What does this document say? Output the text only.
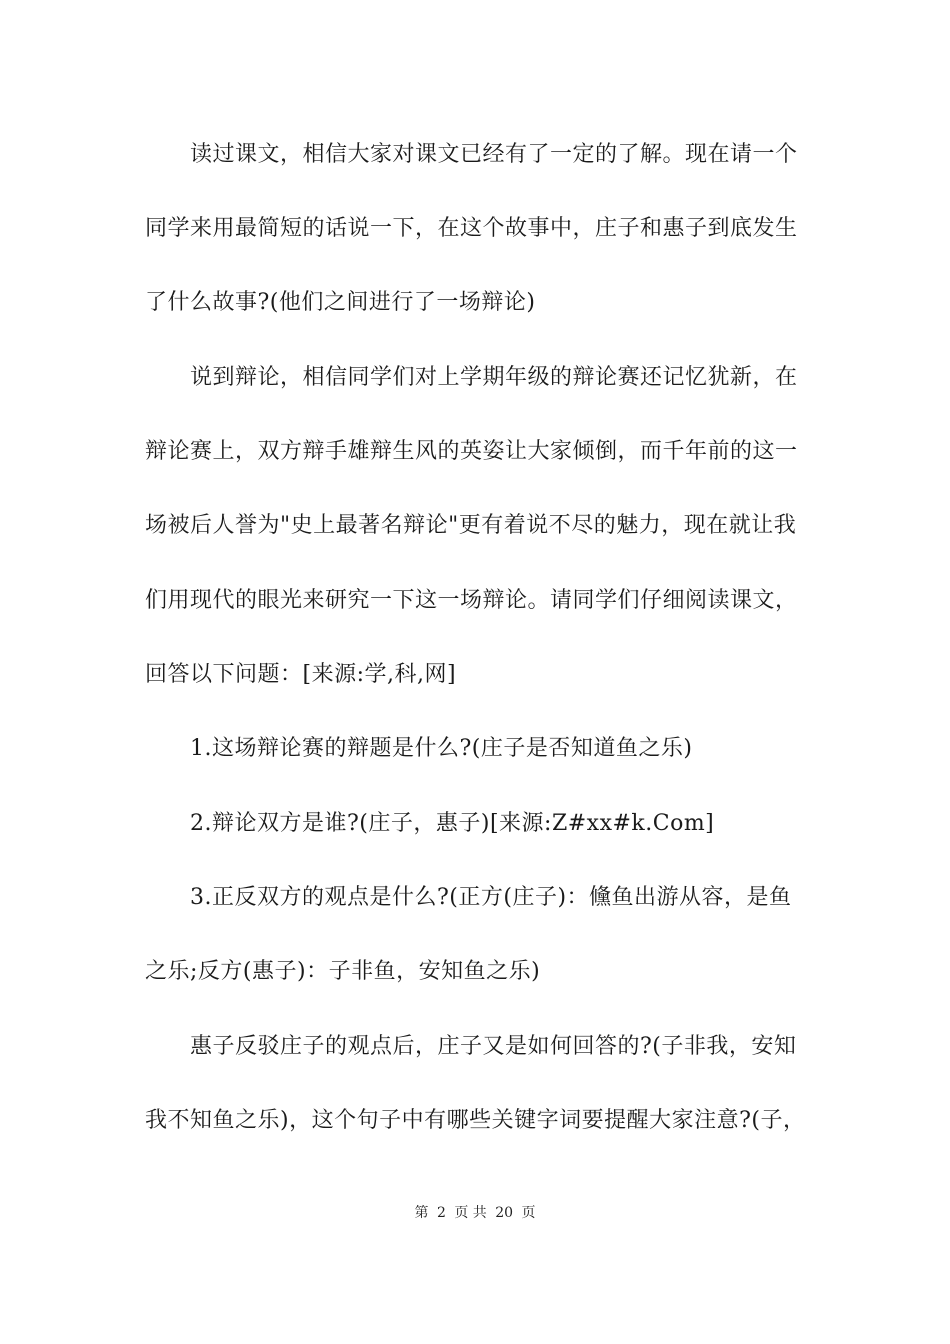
读过课文，相信大家对课文已经有了一定的了解。现在请一个
同学来用最简短的话说一下，在这个故事中，庄子和惠子到底发生
了什么故事?(他们之间进行了一场辩论)
说到辩论，相信同学们对上学期年级的辩论赛还记忆犹新，在
辩论赛上，双方辩手雄辩生风的英姿让大家倾倒，而千年前的这一
场被后人誉为"史上最著名辩论"更有着说不尽的魅力，现在就让我
们用现代的眼光来研究一下这一场辩论。请同学们仔细阅读课文，
回答以下问题：[来源:学,科,网]
1.这场辩论赛的辩题是什么?(庄子是否知道鱼之乐)
2.辩论双方是谁?(庄子，惠子)[来源:Z#xx#k.Com]
3.正反双方的观点是什么?(正方(庄子)：儵鱼出游从容，是鱼
之乐;反方(惠子)：子非鱼，安知鱼之乐)
惠子反驳庄子的观点后，庄子又是如何回答的?(子非我，安知
我不知鱼之乐)，这个句子中有哪些关键字词要提醒大家注意?(子，
第 2 页 共 20 页
